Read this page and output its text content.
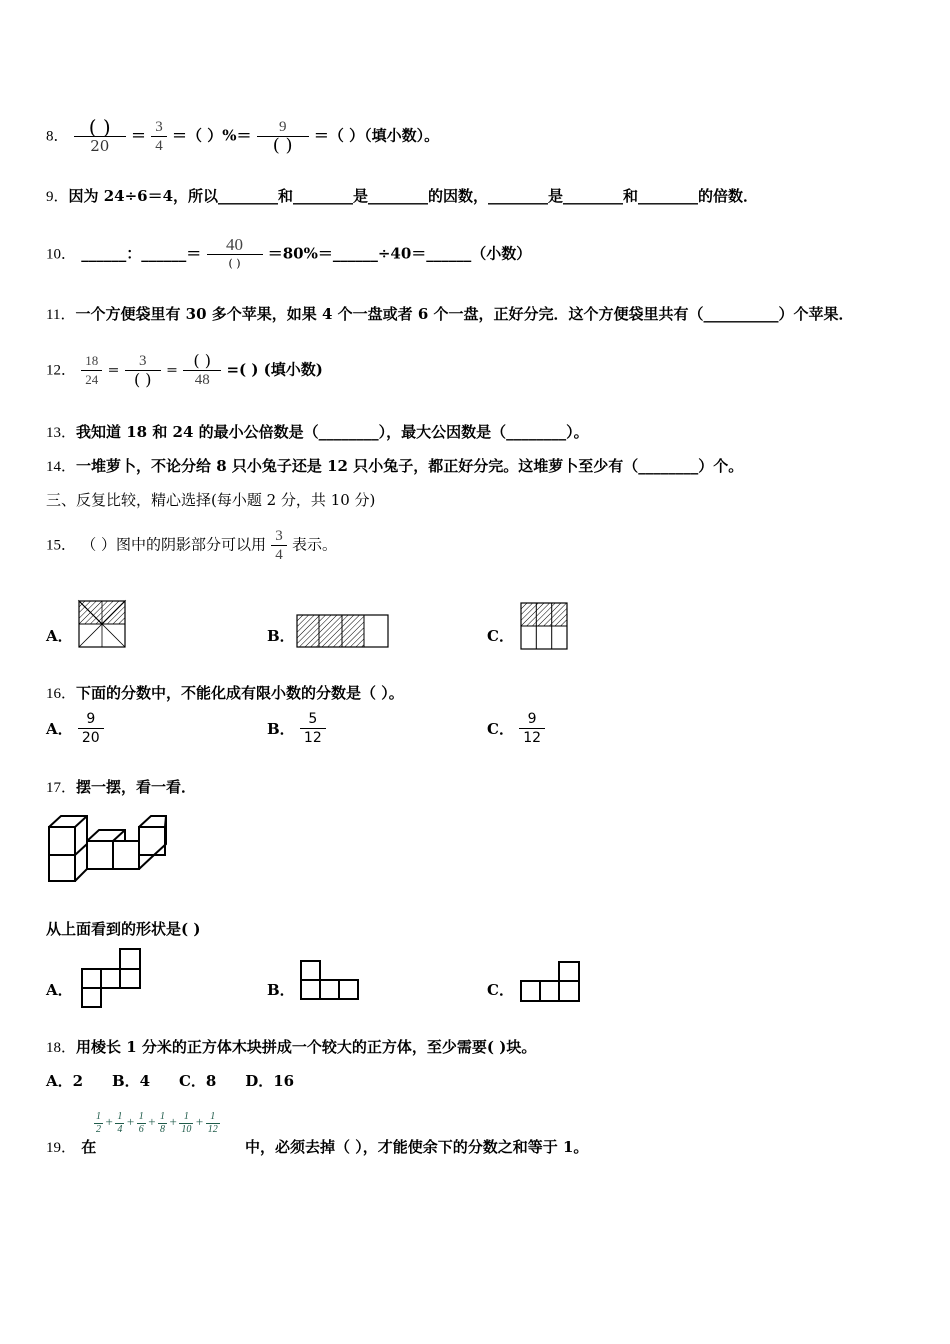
8． $\frac{( )}{20} = \frac{3}{4}$ ＝（ ）%＝ $\frac{9}{( )}$ ＝（ ）（填小数）。
9．因为 24÷6＝4，所以________和________是________的因数，________是________和________的倍数．
10． ______：______＝ $\frac{40}{( )}$ ＝80%＝______÷40＝______（小数）
11．一个方便袋里有 30 多个苹果，如果 4 个一盘或者 6 个一盘，正好分完．这个方便袋里共有（__________）个苹果．
12． $\frac{18}{24} = \frac{3}{( )} = \frac{( )}{48}$ =( ) (填小数)
13．我知道 18 和 24 的最小公倍数是（________），最大公因数是（________）。
14．一堆萝卜，不论分给 8 只小兔子还是 12 只小兔子，都正好分完。这堆萝卜至少有（________）个。
三、反复比较，精心选择(每小题 2 分，共 10 分)
15． （ ）图中的阴影部分可以用 $\frac{3}{4}$ 表示。
A．	B．	C．
16．下面的分数中，不能化成有限小数的分数是（ ）。
A． $\frac{9}{20}$	B． $\frac{5}{12}$	C． $\frac{9}{12}$
17．摆一摆，看一看．
从上面看到的形状是( )
A．	B．	C．
18．用棱长 1 分米的正方体木块拼成一个较大的正方体，至少需要( )块。
A．2    B．4    C．8    D．16
19． 在
$\frac{1}{2} + \frac{1}{4} + \frac{1}{6} + \frac{1}{8} + \frac{1}{10} + \frac{1}{12}$
中，必须去掉（ ），才能使余下的分数之和等于 1。
